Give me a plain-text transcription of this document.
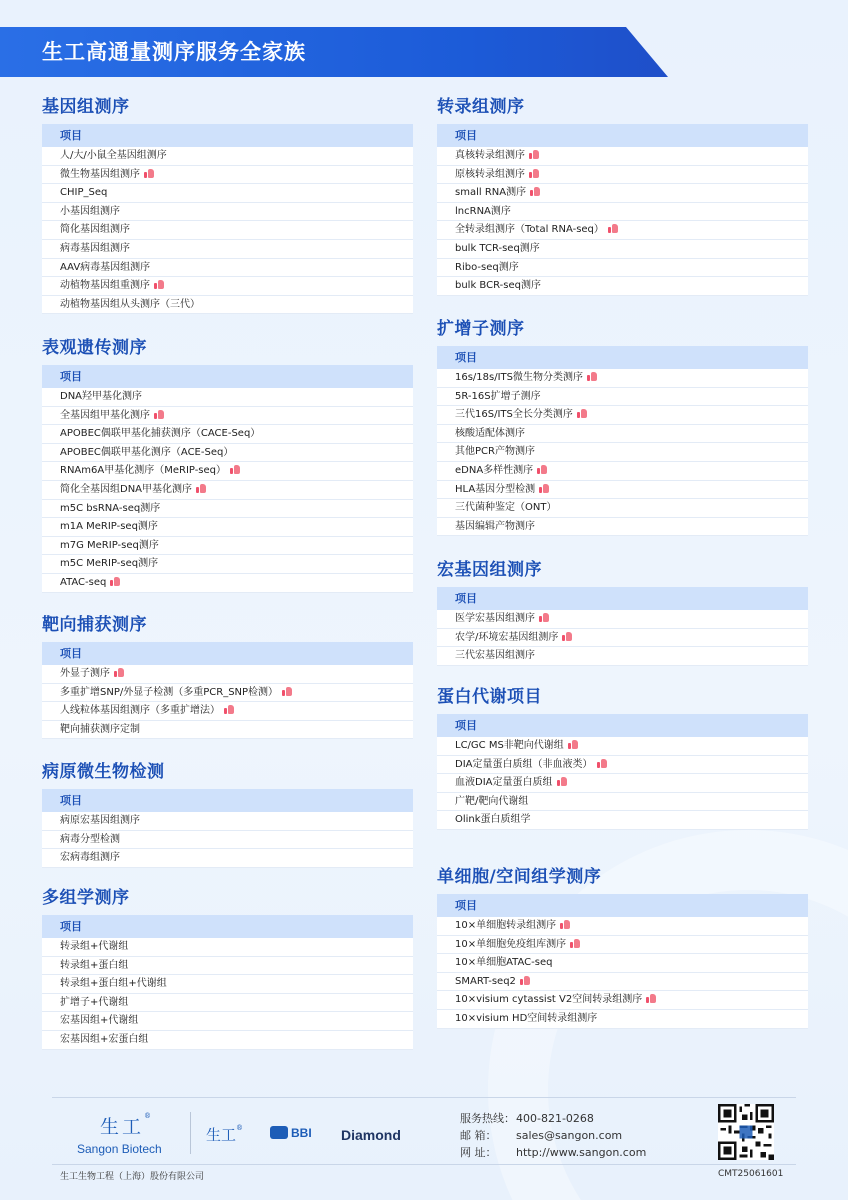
生工高通量测序服务全家族
基因组测序
项目
人/大/小鼠全基因组测序
微生物基因组测序
CHIP_Seq
小基因组测序
简化基因组测序
病毒基因组测序
AAV病毒基因组测序
动植物基因组重测序
动植物基因组从头测序（三代）
表观遗传测序
项目
DNA羟甲基化测序
全基因组甲基化测序
APOBEC偶联甲基化捕获测序（CACE-Seq）
APOBEC偶联甲基化测序（ACE-Seq）
RNAm6A甲基化测序（MeRIP-seq）
简化全基因组DNA甲基化测序
m5C bsRNA-seq测序
m1A MeRIP-seq测序
m7G MeRIP-seq测序
m5C MeRIP-seq测序
ATAC-seq
靶向捕获测序
项目
外显子测序
多重扩增SNP/外显子检测（多重PCR_SNP检测）
人线粒体基因组测序（多重扩增法）
靶向捕获测序定制
病原微生物检测
项目
病原宏基因组测序
病毒分型检测
宏病毒组测序
多组学测序
项目
转录组+代谢组
转录组+蛋白组
转录组+蛋白组+代谢组
扩增子+代谢组
宏基因组+代谢组
宏基因组+宏蛋白组
转录组测序
项目
真核转录组测序
原核转录组测序
small RNA测序
lncRNA测序
全转录组测序（Total RNA-seq）
bulk TCR-seq测序
Ribo-seq测序
bulk BCR-seq测序
扩增子测序
项目
16s/18s/ITS微生物分类测序
5R-16S扩增子测序
三代16S/ITS全长分类测序
核酸适配体测序
其他PCR产物测序
eDNA多样性测序
HLA基因分型检测
三代菌种鉴定（ONT）
基因编辑产物测序
宏基因组测序
项目
医学宏基因组测序
农学/环境宏基因组测序
三代宏基因组测序
蛋白代谢项目
项目
LC/GC MS非靶向代谢组
DIA定量蛋白质组（非血液类）
血液DIA定量蛋白质组
广靶/靶向代谢组
Olink蛋白质组学
单细胞/空间组学测序
项目
10×单细胞转录组测序
10×单细胞免疫组库测序
10×单细胞ATAC-seq
SMART-seq2
10×visium cytassist V2空间转录组测序
10×visium HD空间转录组测序
生工®
Sangon Biotech
生工®	BBI Diamond
服务热线：400-821-0268
邮 箱： sales@sangon.com
网 址： http://www.sangon.com
生工生物工程（上海）股份有限公司	CMT25061601
